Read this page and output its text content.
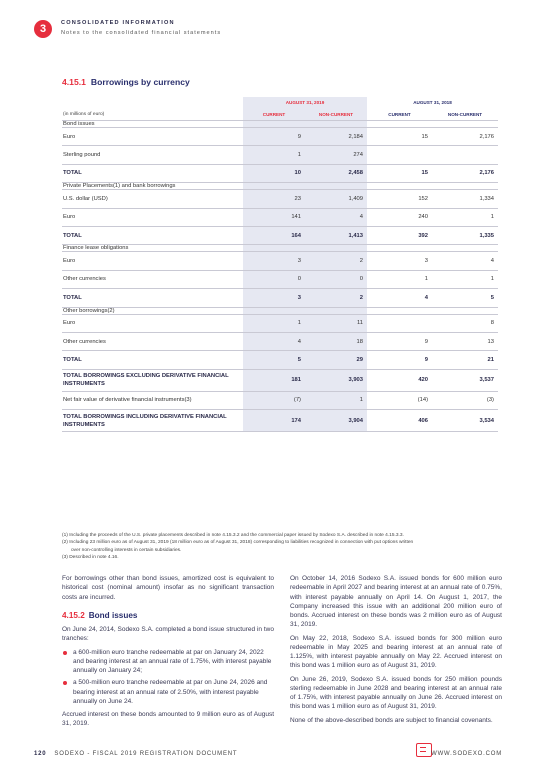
3	CONSOLIDATED INFORMATION
Notes to the consolidated financial statements
4.15.1 Borrowings by currency
	AUGUST 31, 2019		AUGUST 31, 2018	
(in millions of euro)	CURRENT	NON-CURRENT	CURRENT	NON-CURRENT
Bond issues				
Euro	9	2,184	15	2,176
Sterling pound	1	274		
TOTAL	10	2,458	15	2,176
Private Placements(1) and bank borrowings				
U.S. dollar (USD)	23	1,409	152	1,334
Euro	141	4	240	1
TOTAL	164	1,413	392	1,335
Finance lease obligations				
Euro	3	2	3	4
Other currencies	0	0	1	1
TOTAL	3	2	4	5
Other borrowings(2)				
Euro	1	11		8
Other currencies	4	18	9	13
TOTAL	5	29	9	21
TOTAL BORROWINGS EXCLUDING DERIVATIVE FINANCIAL INSTRUMENTS	181	3,903	420	3,537
Net fair value of derivative financial instruments(3)	(7)	1	(14)	(3)
TOTAL BORROWINGS INCLUDING DERIVATIVE FINANCIAL INSTRUMENTS	174	3,904	406	3,534
(1) Including the proceeds of the U.S. private placements described in note 4.15.3.2 and the commercial paper issued by Sodexo S.A. described in note 4.15.3.3.
(2) Including 23 million euro as of August 31, 2019 (18 million euro as of August 31, 2018) corresponding to liabilities recognized in connection with put options written
over non-controlling interests in certain subsidiaries.
(3) Described in note 4.16.

For borrowings other than bond issues, amortized cost is equivalent to historical cost (nominal amount) insofar as no significant transaction costs are incurred.

4.15.2 Bond issues

On June 24, 2014, Sodexo S.A. completed a bond issue structured in two tranches:

a 600-million euro tranche redeemable at par on January 24, 2022 and bearing interest at an annual rate of 1.75%, with interest payable annually on January 24;
a 500-million euro tranche redeemable at par on June 24, 2026 and bearing interest at an annual rate of 2.50%, with interest payable annually on June 24.

Accrued interest on these bonds amounted to 9 million euro as of August 31, 2019.

On October 14, 2016 Sodexo S.A. issued bonds for 600 million euro redeemable in April 2027 and bearing interest at an annual rate of 0.75%, with interest payable annually on April 14. On August 1, 2017, the Company increased this issue with an additional 200 million euro of bonds. Accrued interest on these bonds was 2 million euro as of August 31, 2019.

On May 22, 2018, Sodexo S.A. issued bonds for 300 million euro redeemable in May 2025 and bearing interest at an annual rate of 1.125%, with interest payable annually on May 22. Accrued interest on this bond was 1 million euro as of August 31, 2019.

On June 26, 2019, Sodexo S.A. issued bonds for 250 million pounds sterling redeemable in June 2028 and bearing interest at an annual rate of 1.75%, with interest payable annually on June 26. Accrued interest on this bond was 1 million euro as of August 31, 2019.

None of the above-described bonds are subject to financial covenants.

120 SODEXO - FISCAL 2019 REGISTRATION DOCUMENT	WWW.SODEXO.COM
